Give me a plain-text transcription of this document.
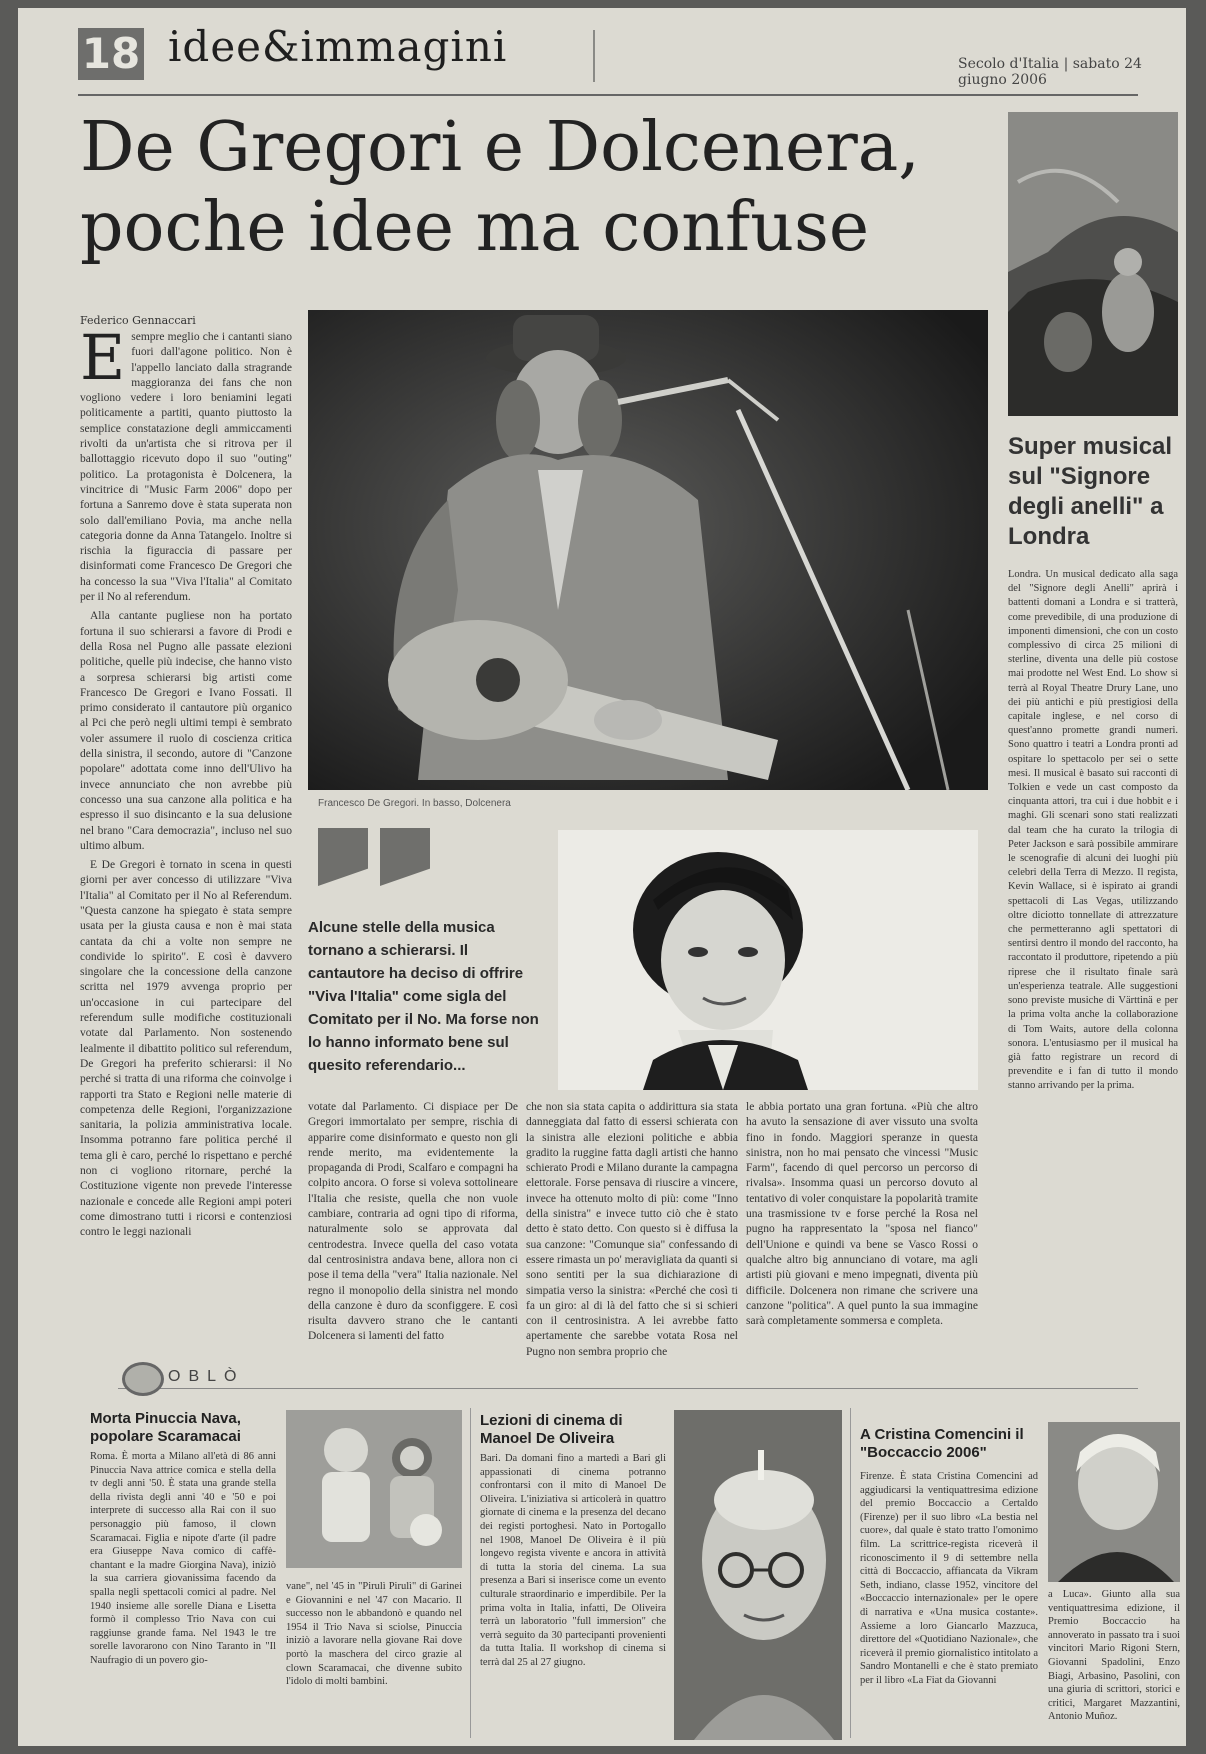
18 idee&immagini	Secolo d'Italia | sabato 24 giugno 2006
De Gregori e Dolcenera,
poche idee ma confuse
Federico Gennaccari
E sempre meglio che i cantanti siano fuori dall'agone politico. Non è l'appello lanciato dalla stragrande maggioranza dei fans che non vogliono vedere i loro beniamini legati politicamente a partiti, quanto piuttosto la semplice constatazione degli ammiccamenti rivolti da un'artista che si ritrova per il ballottaggio ricevuto dopo il suo "outing" politico. La protagonista è Dolcenera, la vincitrice di "Music Farm 2006" dopo per fortuna a Sanremo dove è stata superata non solo dall'emiliano Povia, ma anche nella categoria donne da Anna Tatangelo. Inoltre si rischia la figuraccia di passare per disinformati come Francesco De Gregori che ha concesso la sua "Viva l'Italia" al Comitato per il No al referendum.

Alla cantante pugliese non ha portato fortuna il suo schierarsi a favore di Prodi e della Rosa nel Pugno alle passate elezioni politiche, quelle più indecise, che hanno visto a sorpresa schierarsi big artisti come Francesco De Gregori e Ivano Fossati. Il primo considerato il cantautore più organico al Pci che però negli ultimi tempi è sembrato voler assumere il ruolo di coscienza critica della sinistra, il secondo, autore di "Canzone popolare" adottata come inno dell'Ulivo ha invece annunciato che non avrebbe più concesso una sua canzone alla politica e ha espresso il suo disincanto e la sua delusione nel brano "Cara democrazia", incluso nel suo ultimo album.

E De Gregori è tornato in scena in questi giorni per aver concesso di utilizzare "Viva l'Italia" al Comitato per il No al Referendum. "Questa canzone ha spiegato è stata sempre usata per la giusta causa e non è mai stata cantata da chi a volte non sempre ne condivide lo spirito". E così è davvero singolare che la concessione della canzone scritta nel 1979 avvenga proprio per un'occasione in cui partecipare del referendum sulle modifiche costituzionali votate dal Parlamento. Non sostenendo lealmente il dibattito politico sul referendum, De Gregori ha preferito schierarsi: il No perché si tratta di una riforma che coinvolge i rapporti tra Stato e Regioni nelle materie di competenza delle Regioni, l'organizzazione sanitaria, la polizia amministrativa locale. Insomma potranno fare politica perché il tema gli è caro, perché lo rispettano e perché non ci vogliono ritornare, perché la Costituzione vigente non prevede l'interesse nazionale e concede alle Regioni ampi poteri come dimostrano tutti i ricorsi e contenziosi contro le leggi nazionali

Francesco De Gregori. In basso, Dolcenera

Alcune stelle della musica tornano a schierarsi. Il cantautore ha deciso di offrire "Viva l'Italia" come sigla del Comitato per il No. Ma forse non lo hanno informato bene sul quesito referendario...

votate dal Parlamento. Ci dispiace per De Gregori immortalato per sempre, rischia di apparire come disinformato e questo non gli rende merito, ma evidentemente la propaganda di Prodi, Scalfaro e compagni ha colpito ancora. O forse si voleva sottolineare l'Italia che resiste, quella che non vuole cambiare, contraria ad ogni tipo di riforma, naturalmente solo se approvata dal centrodestra. Invece quella del caso votata dal centrosinistra andava bene, allora non ci pose il tema della "vera" Italia nazionale. Nel regno il monopolio della sinistra nel mondo della canzone è duro da sconfiggere. E così risulta davvero strano che le cantanti Dolcenera si lamenti del fatto
che non sia stata capita o addirittura sia stata danneggiata dal fatto di essersi schierata con la sinistra alle elezioni politiche e abbia gradito la ruggine fatta dagli artisti che hanno schierato Prodi e Milano durante la campagna elettorale. Forse pensava di riuscire a vincere, invece ha ottenuto molto di più: come "Inno della sinistra" e invece tutto ciò che è stato detto è stato detto. Con questo si è diffusa la sua canzone: "Comunque sia" confessando di essere rimasta un po' meravigliata da quanti si sono sentiti per la sua dichiarazione di simpatia verso la sinistra: «Perché che così ti fa un giro: al di là del fatto che si si schieri con il centrosinistra. A lei avrebbe fatto apertamente che sarebbe votata Rosa nel Pugno non sembra proprio che
le abbia portato una gran fortuna. «Più che altro ha avuto la sensazione di aver vissuto una svolta fino in fondo. Maggiori speranze in questa sinistra, non ho mai pensato che vincessi "Music Farm", facendo di quel percorso un percorso di rivalsa». Insomma quasi un percorso dovuto al tentativo di voler conquistare la popolarità tramite una trasmissione tv e forse perché la Rosa nel pugno ha rappresentato la "sposa nel fianco" dell'Unione e quindi va bene se Vasco Rossi o qualche altro big annunciano di votare, ma agli artisti più giovani e meno impegnati, diventa più difficile. Dolcenera non rimane che scrivere una canzone "politica". A quel punto la sua immagine sarà completamente sommersa e completa.
Super musical sul "Signore degli anelli" a Londra
Londra. Un musical dedicato alla saga del "Signore degli Anelli" aprirà i battenti domani a Londra e si tratterà, come prevedibile, di una produzione di imponenti dimensioni, che con un costo complessivo di circa 25 milioni di sterline, diventa una delle più costose mai prodotte nel West End. Lo show si terrà al Royal Theatre Drury Lane, uno dei più antichi e più prestigiosi della capitale inglese, e nel corso di quest'anno promette grandi numeri. Sono quattro i teatri a Londra pronti ad ospitare lo spettacolo per sei o sette mesi. Il musical è basato sui racconti di Tolkien e vede un cast composto da cinquanta attori, tra cui i due hobbit e i maghi. Gli scenari sono stati realizzati dal team che ha curato la trilogia di Peter Jackson e sarà possibile ammirare le scenografie di alcuni dei luoghi più celebri della Terra di Mezzo. Il regista, Kevin Wallace, si è ispirato ai grandi spettacoli di Las Vegas, utilizzando oltre diciotto tonnellate di attrezzature che permetteranno agli spettatori di sentirsi dentro il mondo del racconto, ha raccontato il produttore, ripetendo a più riprese che il risultato finale sarà un'esperienza teatrale. Alle suggestioni sono previste musiche di Värttinä e per la prima volta anche la collaborazione di Tom Waits, autore della colonna sonora. L'entusiasmo per il musical ha già fatto registrare un record di prevendite e i fan di tutto il mondo stanno arrivando per la prima.
OBLÒ
Morta Pinuccia Nava, popolare Scaramacai
Roma. È morta a Milano all'età di 86 anni Pinuccia Nava attrice comica e stella della tv degli anni '50. È stata una grande stella della rivista degli anni '40 e '50 e poi interprete di successo alla Rai con il suo personaggio più famoso, il clown Scaramacai. Figlia e nipote d'arte (il padre era Giuseppe Nava comico di caffè-chantant e la madre Giorgina Nava), iniziò la sua carriera giovanissima facendo da spalla negli spettacoli comici al padre. Nel 1940 insieme alle sorelle Diana e Lisetta formò il complesso Trio Nava con cui raggiunse grande fama. Nel 1943 le tre sorelle lavorarono con Nino Taranto in "Il Naufragio di un povero gio-
vane", nel '45 in "Pirulì Pirulì" di Garinei e Giovannini e nel '47 con Macario. Il successo non le abbandonò e quando nel 1954 il Trio Nava si sciolse, Pinuccia iniziò a lavorare nella giovane Rai dove portò la maschera del circo grazie al clown Scaramacai, che divenne subito l'idolo di molti bambini.
Lezioni di cinema di Manoel De Oliveira
Bari. Da domani fino a martedì a Bari gli appassionati di cinema potranno confrontarsi con il mito di Manoel De Oliveira. L'iniziativa si articolerà in quattro giornate di cinema e la presenza del decano dei registi portoghesi. Nato in Portogallo nel 1908, Manoel De Oliveira è il più longevo regista vivente e ancora in attività di tutta la storia del cinema. La sua presenza a Bari si inserisce come un evento culturale straordinario e imperdibile. Per la prima volta in Italia, infatti, De Oliveira terrà un laboratorio "full immersion" che verrà seguito da 30 partecipanti provenienti da tutta Italia. Il workshop di cinema si terrà dal 25 al 27 giugno.
A Cristina Comencini il "Boccaccio 2006"
Firenze. È stata Cristina Comencini ad aggiudicarsi la ventiquattresima edizione del premio Boccaccio a Certaldo (Firenze) per il suo libro «La bestia nel cuore», dal quale è stato tratto l'omonimo film. La scrittrice-regista riceverà il riconoscimento il 9 di settembre nella città di Boccaccio, affiancata da Vikram Seth, indiano, classe 1952, vincitore del «Boccaccio internazionale» per le opere di narrativa e «Una musica costante». Assieme a loro Giancarlo Mazzuca, direttore del «Quotidiano Nazionale», che riceverà il premio giornalistico intitolato a Sandro Montanelli e che è stato premiato per il libro «La Fiat da Giovanni
a Luca». Giunto alla sua ventiquattresima edizione, il Premio Boccaccio ha annoverato in passato tra i suoi vincitori Mario Rigoni Stern, Giovanni Spadolini, Enzo Biagi, Arbasino, Pasolini, con una giuria di scrittori, storici e critici, Margaret Mazzantini, Antonio Muñoz.
